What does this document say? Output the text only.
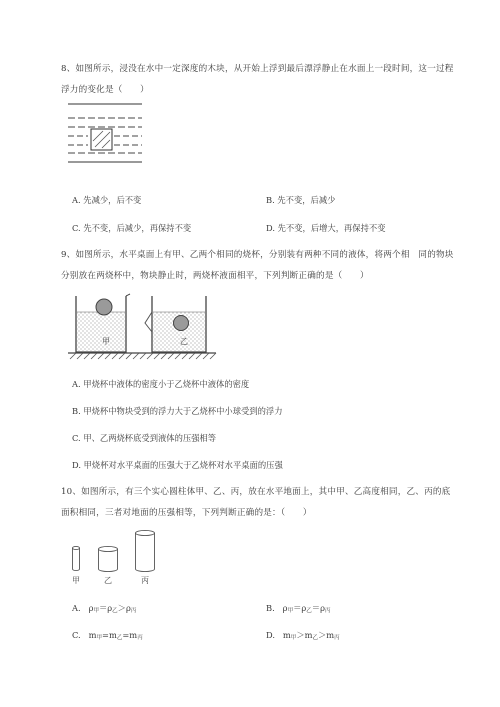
8、如图所示，浸没在水中一定深度的木块，从开始上浮到最后漂浮静止在水面上一段时间，这一过程
浮力的变化是（　　）
A. 先减少，后不变	B. 先不变，后减少
C. 先不变，后减少，再保持不变	D. 先不变，后增大，再保持不变
9、如图所示，水平桌面上有甲、乙两个相同的烧杯，分别装有两种不同的液体，将两个相　同的物块
分别放在两烧杯中，物块静止时，两烧杯液面相平，下列判断正确的是（　　）
甲	乙
A. 甲烧杯中液体的密度小于乙烧杯中液体的密度
B. 甲烧杯中物块受到的浮力大于乙烧杯中小球受到的浮力
C. 甲、乙两烧杯底受到液体的压强相等
D. 甲烧杯对水平桌面的压强大于乙烧杯对水平桌面的压强
10、如图所示，有三个实心圆柱体甲、乙、丙，放在水平地面上，其中甲、乙高度相同，乙、丙的底
面积相同，三者对地面的压强相等，下列判断正确的是：（　　）
甲	乙	丙
A. ρ甲＝ρ乙＞ρ丙	B. ρ甲＝ρ乙＝ρ丙
C. m甲=m乙=m丙	D. m甲＞m乙＞m丙
